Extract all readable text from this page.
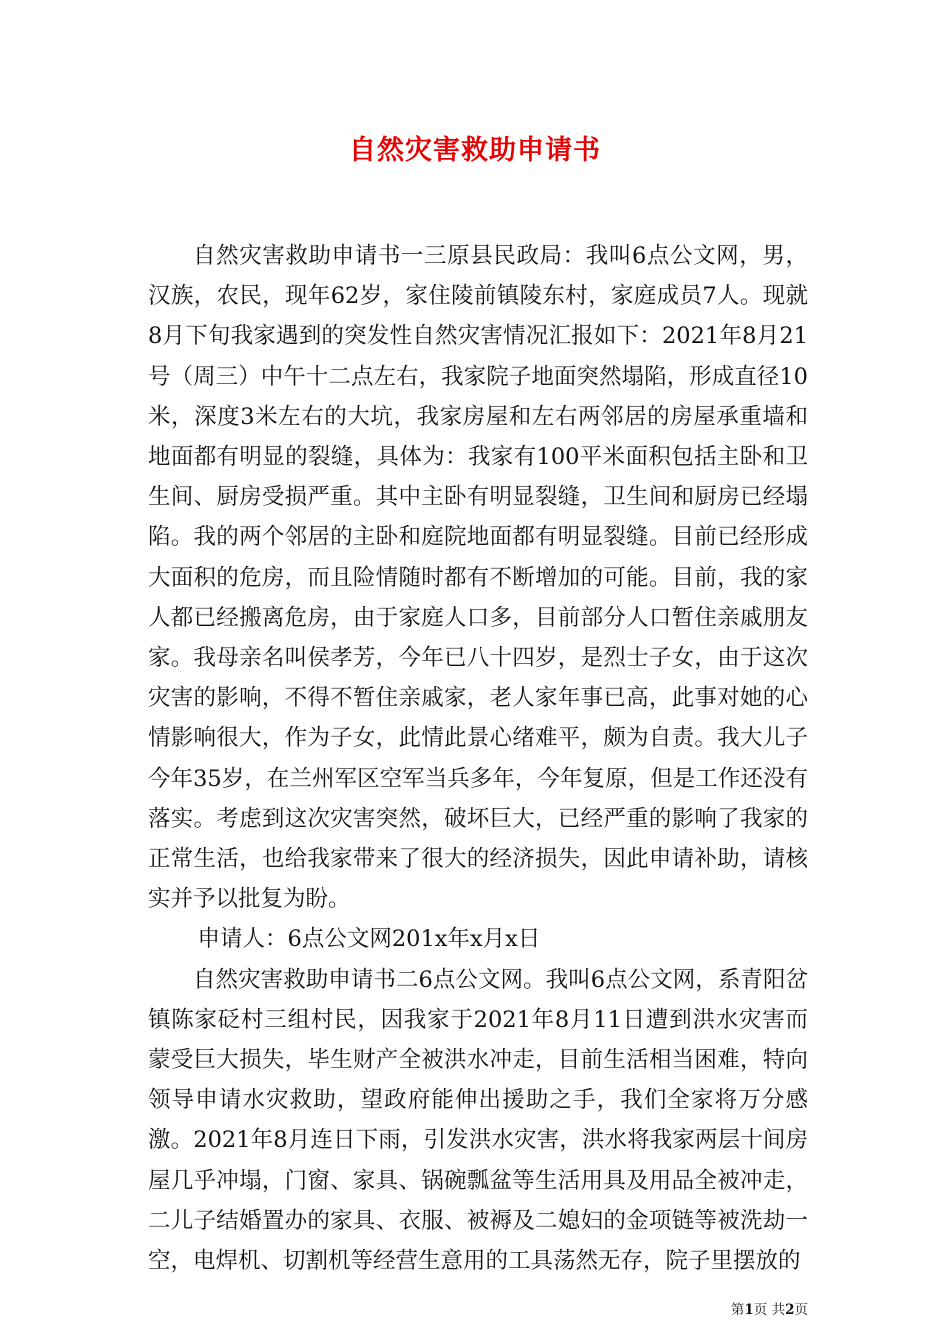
自然灾害救助申请书

自然灾害救助申请书一三原县民政局：我叫6点公文网，男，汉族，农民，现年62岁，家住陵前镇陵东村，家庭成员7人。现就8月下旬我家遇到的突发性自然灾害情况汇报如下：2021年8月21号（周三）中午十二点左右，我家院子地面突然塌陷，形成直径10米，深度3米左右的大坑，我家房屋和左右两邻居的房屋承重墙和地面都有明显的裂缝，具体为：我家有100平米面积包括主卧和卫生间、厨房受损严重。其中主卧有明显裂缝，卫生间和厨房已经塌陷。我的两个邻居的主卧和庭院地面都有明显裂缝。目前已经形成大面积的危房，而且险情随时都有不断增加的可能。目前，我的家人都已经搬离危房，由于家庭人口多，目前部分人口暂住亲戚朋友家。我母亲名叫侯孝芳，今年已八十四岁，是烈士子女，由于这次灾害的影响，不得不暂住亲戚家，老人家年事已高，此事对她的心情影响很大，作为子女，此情此景心绪难平，颇为自责。我大儿子今年35岁，在兰州军区空军当兵多年，今年复原，但是工作还没有落实。考虑到这次灾害突然，破坏巨大，已经严重的影响了我家的正常生活，也给我家带来了很大的经济损失，因此申请补助，请核实并予以批复为盼。

申请人：6点公文网201x年x月x日

自然灾害救助申请书二6点公文网。我叫6点公文网，系青阳岔镇陈家砭村三组村民，因我家于2021年8月11日遭到洪水灾害而蒙受巨大损失，毕生财产全被洪水冲走，目前生活相当困难，特向领导申请水灾救助，望政府能伸出援助之手，我们全家将万分感激。2021年8月连日下雨，引发洪水灾害，洪水将我家两层十间房屋几乎冲塌，门窗、家具、锅碗瓢盆等生活用具及用品全被冲走，二儿子结婚置办的家具、衣服、被褥及二媳妇的金项链等被洗劫一空，电焊机、切割机等经营生意用的工具荡然无存，院子里摆放的

第1页 共2页
